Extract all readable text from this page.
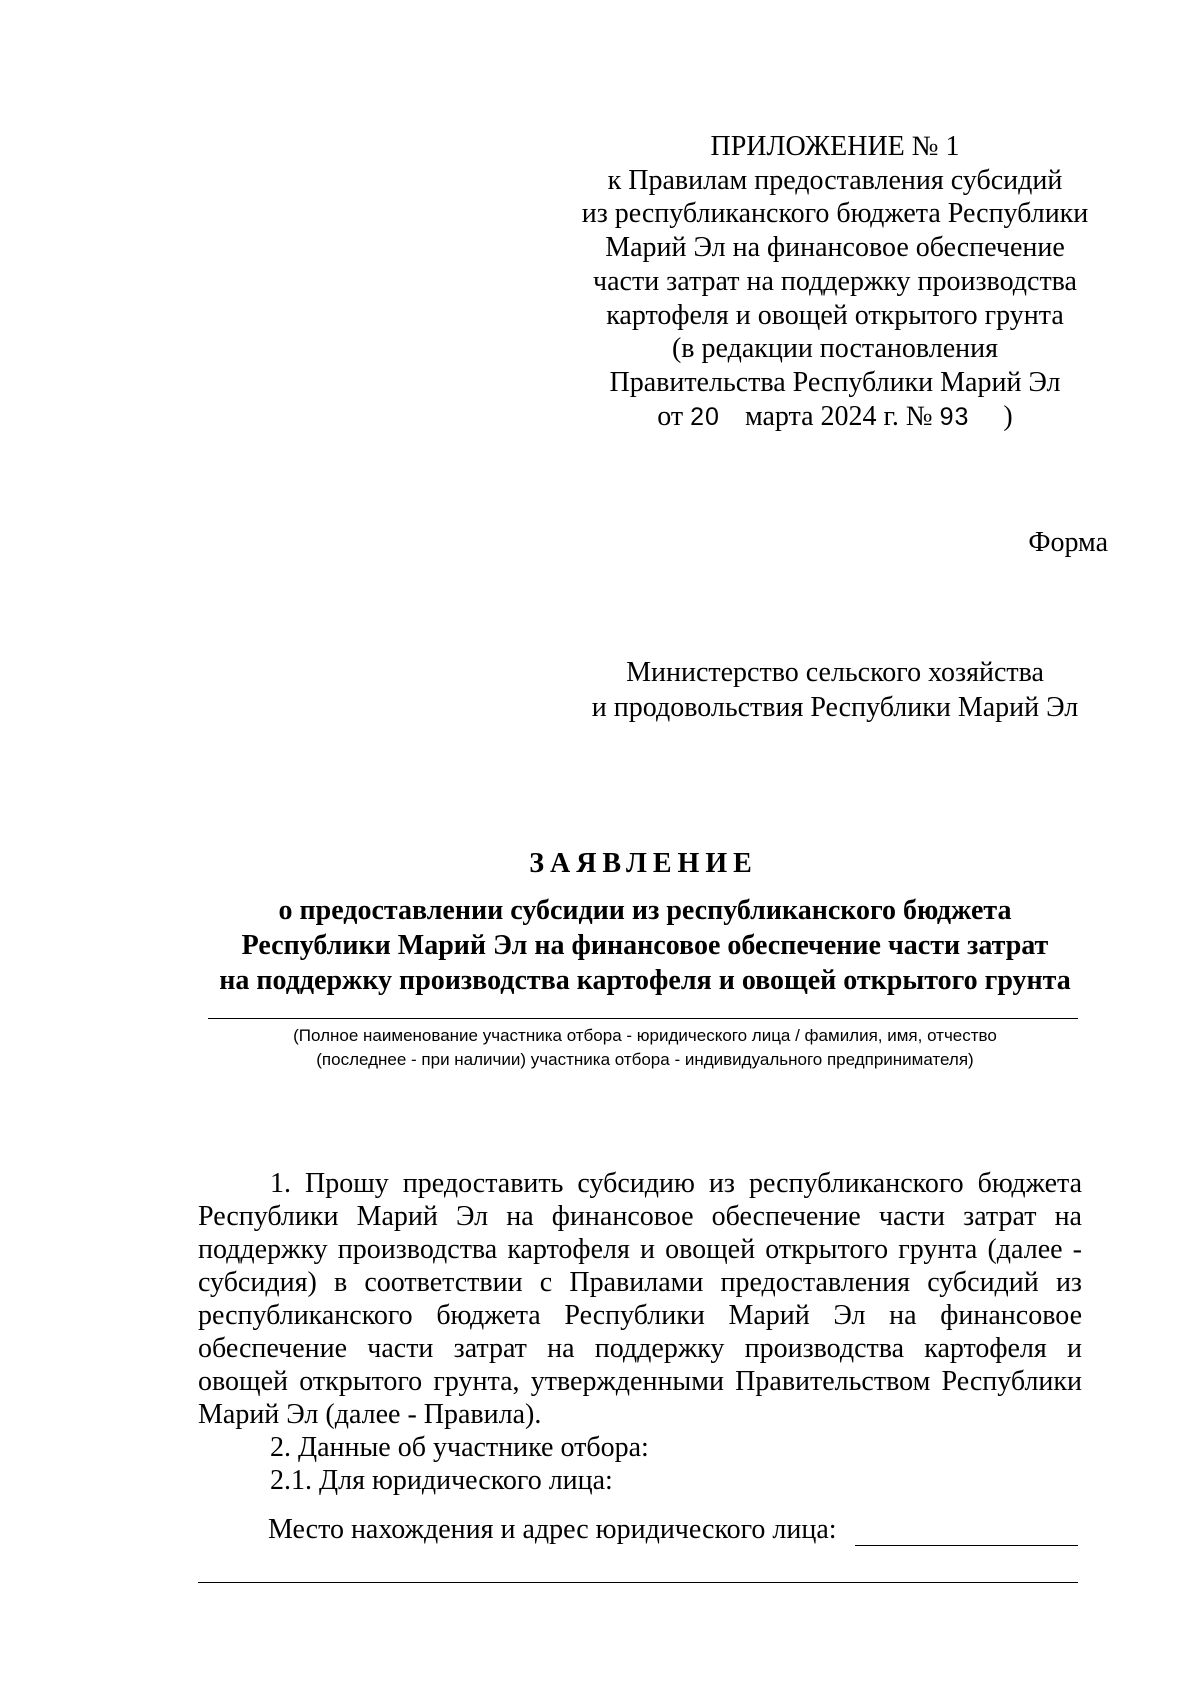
ПРИЛОЖЕНИЕ № 1
к Правилам предоставления субсидий
из республиканского бюджета Республики
Марий Эл на финансовое обеспечение
части затрат на поддержку производства
картофеля и овощей открытого грунта
(в редакции постановления
Правительства Республики Марий Эл
от 20 марта 2024 г. № 93 )
Форма
Министерство сельского хозяйства
и продовольствия Республики Марий Эл
ЗАЯВЛЕНИЕ
о предоставлении субсидии из республиканского бюджета
Республики Марий Эл на финансовое обеспечение части затрат
на поддержку производства картофеля и овощей открытого грунта
(Полное наименование участника отбора - юридического лица / фамилия, имя, отчество
(последнее - при наличии) участника отбора - индивидуального предпринимателя)

1. Прошу предоставить субсидию из республиканского бюджета Республики Марий Эл на финансовое обеспечение части затрат на поддержку производства картофеля и овощей открытого грунта (далее - субсидия) в соответствии с Правилами предоставления субсидий из республиканского бюджета Республики Марий Эл на финансовое обеспечение части затрат на поддержку производства картофеля и овощей открытого грунта, утвержденными Правительством Республики Марий Эл (далее - Правила).

2. Данные об участнике отбора:

2.1. Для юридического лица:

Место нахождения и адрес юридического лица:
